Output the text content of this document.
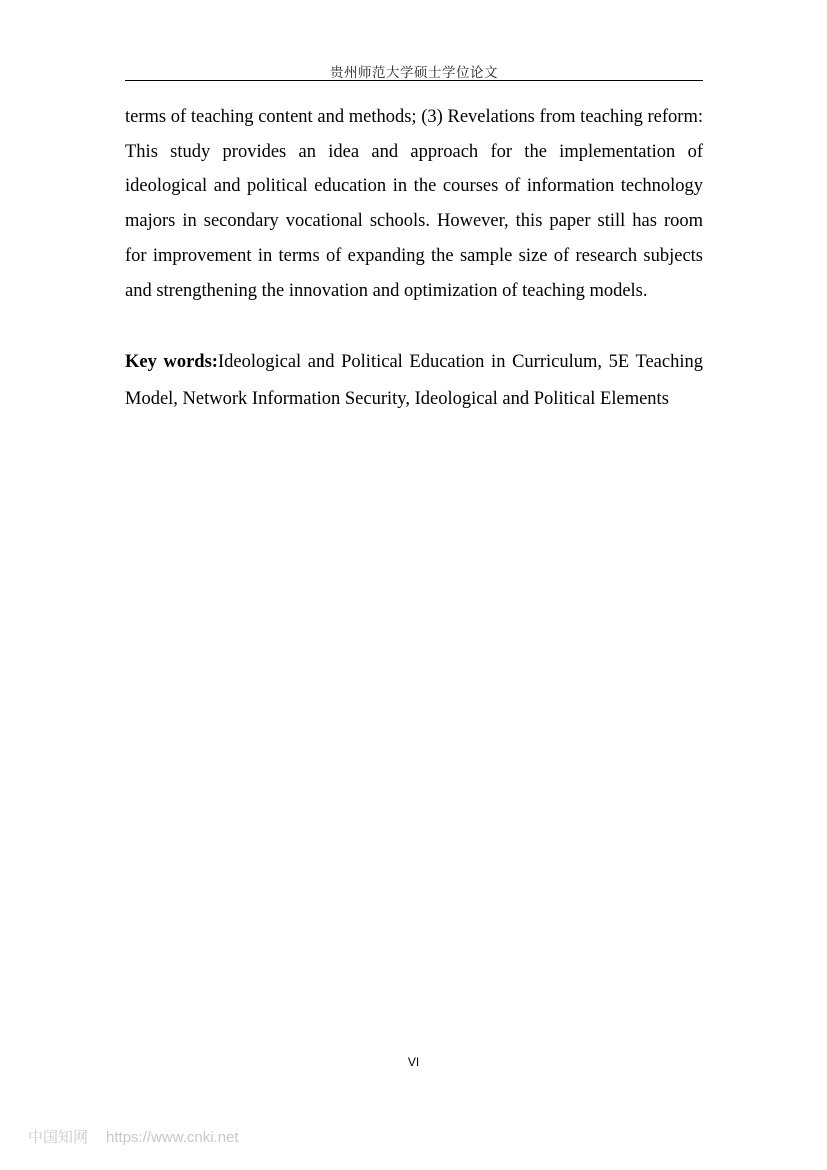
贵州师范大学硕士学位论文

terms of teaching content and methods; (3) Revelations from teaching reform: This study provides an idea and approach for the implementation of ideological and political education in the courses of information technology majors in secondary vocational schools. However, this paper still has room for improvement in terms of expanding the sample size of research subjects and strengthening the innovation and optimization of teaching models.

Key words:Ideological and Political Education in Curriculum, 5E Teaching Model, Network Information Security, Ideological and Political Elements
VI
中国知网 https://www.cnki.net
